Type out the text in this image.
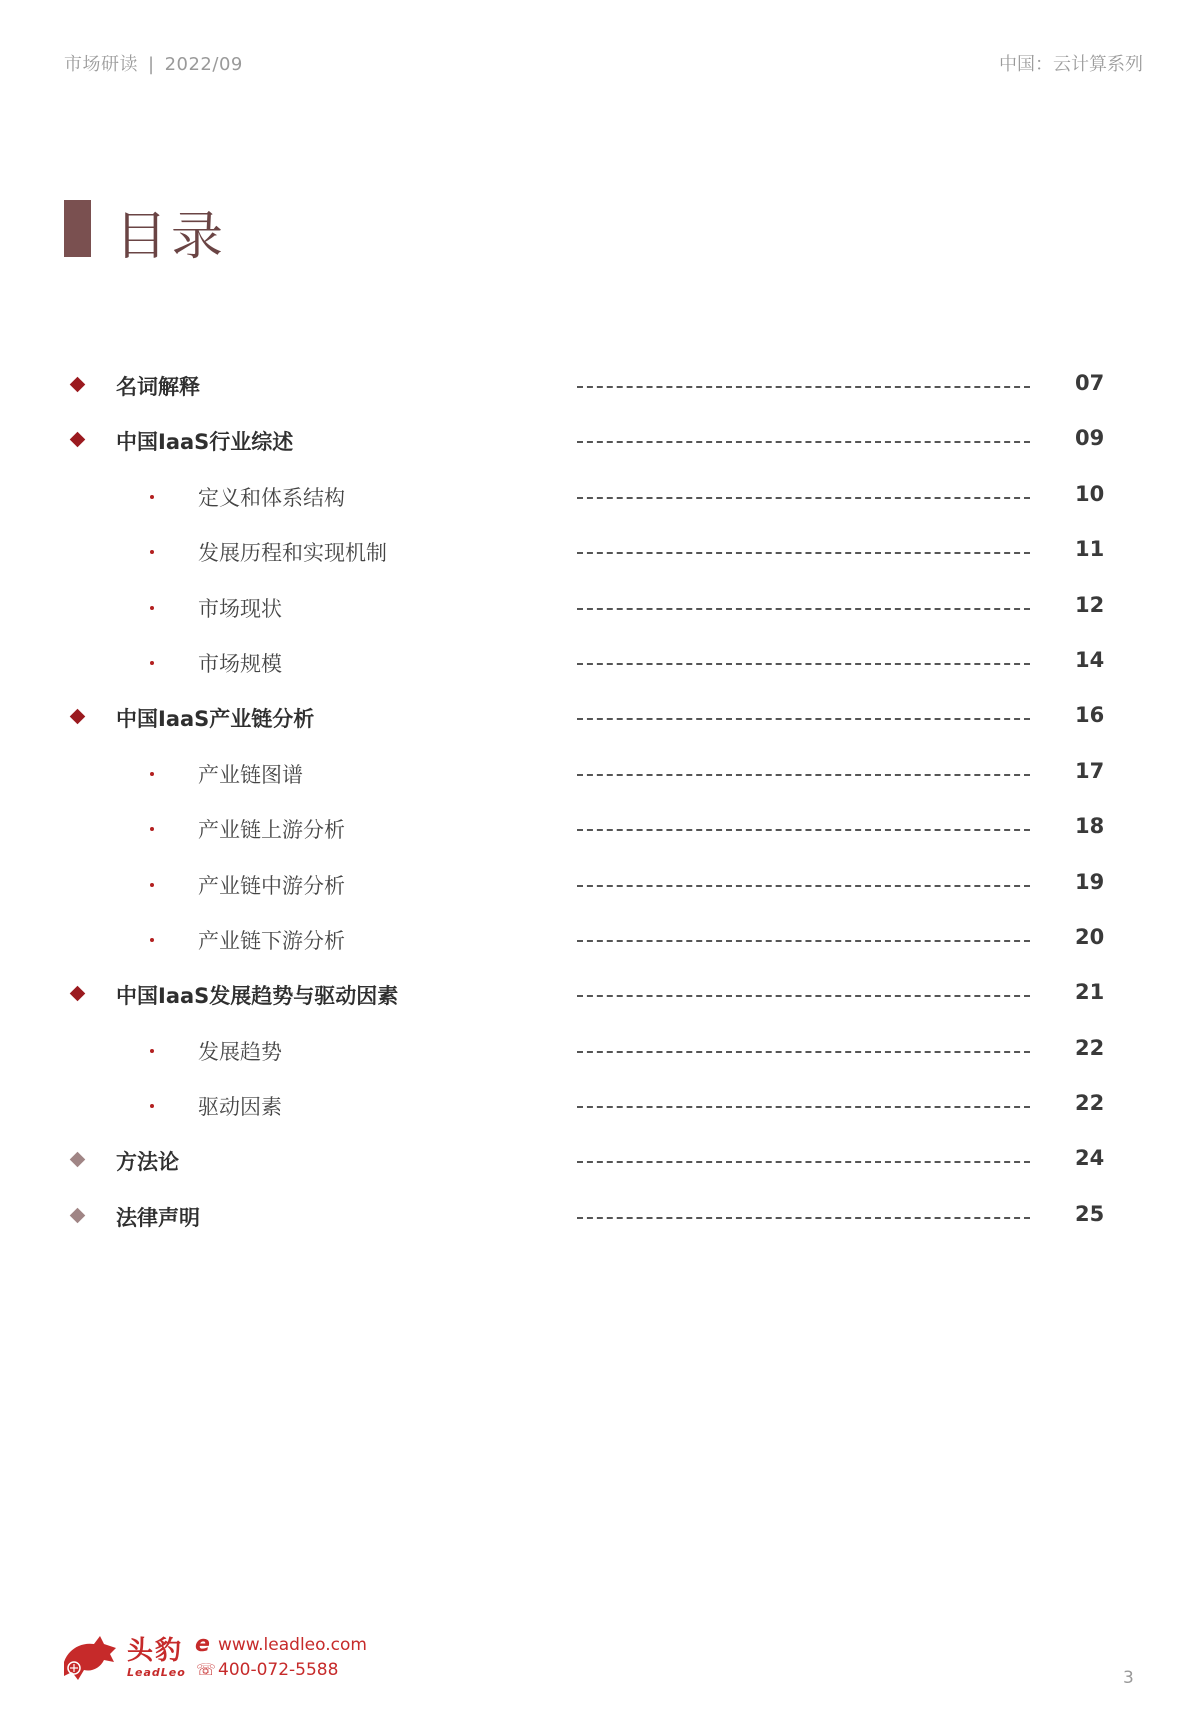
市场研读 | 2022/09	中国：云计算系列
目录
名词解释	07
中国IaaS行业综述	09
定义和体系结构	10
发展历程和实现机制	11
市场现状	12
市场规模	14
中国IaaS产业链分析	16
产业链图谱	17
产业链上游分析	18
产业链中游分析	19
产业链下游分析	20
中国IaaS发展趋势与驱动因素	21
发展趋势	22
驱动因素	22
方法论	24
法律声明	25
头豹
LeadLeo
e www.leadleo.com
☏ 400-072-5588	3
